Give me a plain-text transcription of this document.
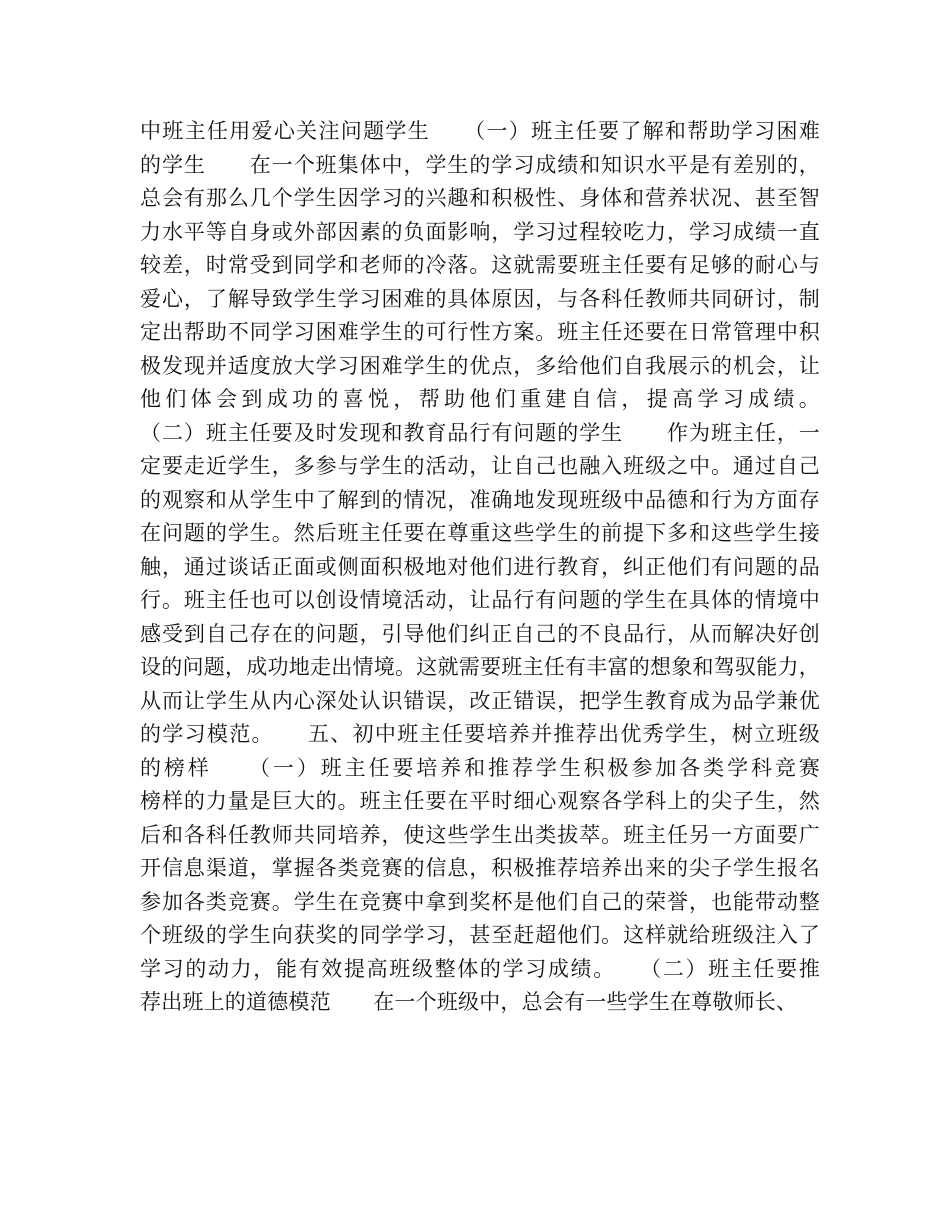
中班主任用爱心关注问题学生　　（一）班主任要了解和帮助学习困难
的学生　　在一个班集体中，学生的学习成绩和知识水平是有差别的，
总会有那么几个学生因学习的兴趣和积极性、身体和营养状况、甚至智
力水平等自身或外部因素的负面影响，学习过程较吃力，学习成绩一直
较差，时常受到同学和老师的冷落。这就需要班主任要有足够的耐心与
爱心，了解导致学生学习困难的具体原因，与各科任教师共同研讨，制
定出帮助不同学习困难学生的可行性方案。班主任还要在日常管理中积
极发现并适度放大学习困难学生的优点，多给他们自我展示的机会，让
他们体会到成功的喜悦，帮助他们重建自信，提高学习成绩。
（二）班主任要及时发现和教育品行有问题的学生　　作为班主任，一
定要走近学生，多参与学生的活动，让自己也融入班级之中。通过自己
的观察和从学生中了解到的情况，准确地发现班级中品德和行为方面存
在问题的学生。然后班主任要在尊重这些学生的前提下多和这些学生接
触，通过谈话正面或侧面积极地对他们进行教育，纠正他们有问题的品
行。班主任也可以创设情境活动，让品行有问题的学生在具体的情境中
感受到自己存在的问题，引导他们纠正自己的不良品行，从而解决好创
设的问题，成功地走出情境。这就需要班主任有丰富的想象和驾驭能力，
从而让学生从内心深处认识错误，改正错误，把学生教育成为品学兼优
的学习模范。　　五、初中班主任要培养并推荐出优秀学生，树立班级
的榜样　　（一）班主任要培养和推荐学生积极参加各类学科竞赛
榜样的力量是巨大的。班主任要在平时细心观察各学科上的尖子生，然
后和各科任教师共同培养，使这些学生出类拔萃。班主任另一方面要广
开信息渠道，掌握各类竞赛的信息，积极推荐培养出来的尖子学生报名
参加各类竞赛。学生在竞赛中拿到奖杯是他们自己的荣誉，也能带动整
个班级的学生向获奖的同学学习，甚至赶超他们。这样就给班级注入了
学习的动力，能有效提高班级整体的学习成绩。　　（二）班主任要推
荐出班上的道德模范　　在一个班级中，总会有一些学生在尊敬师长、
